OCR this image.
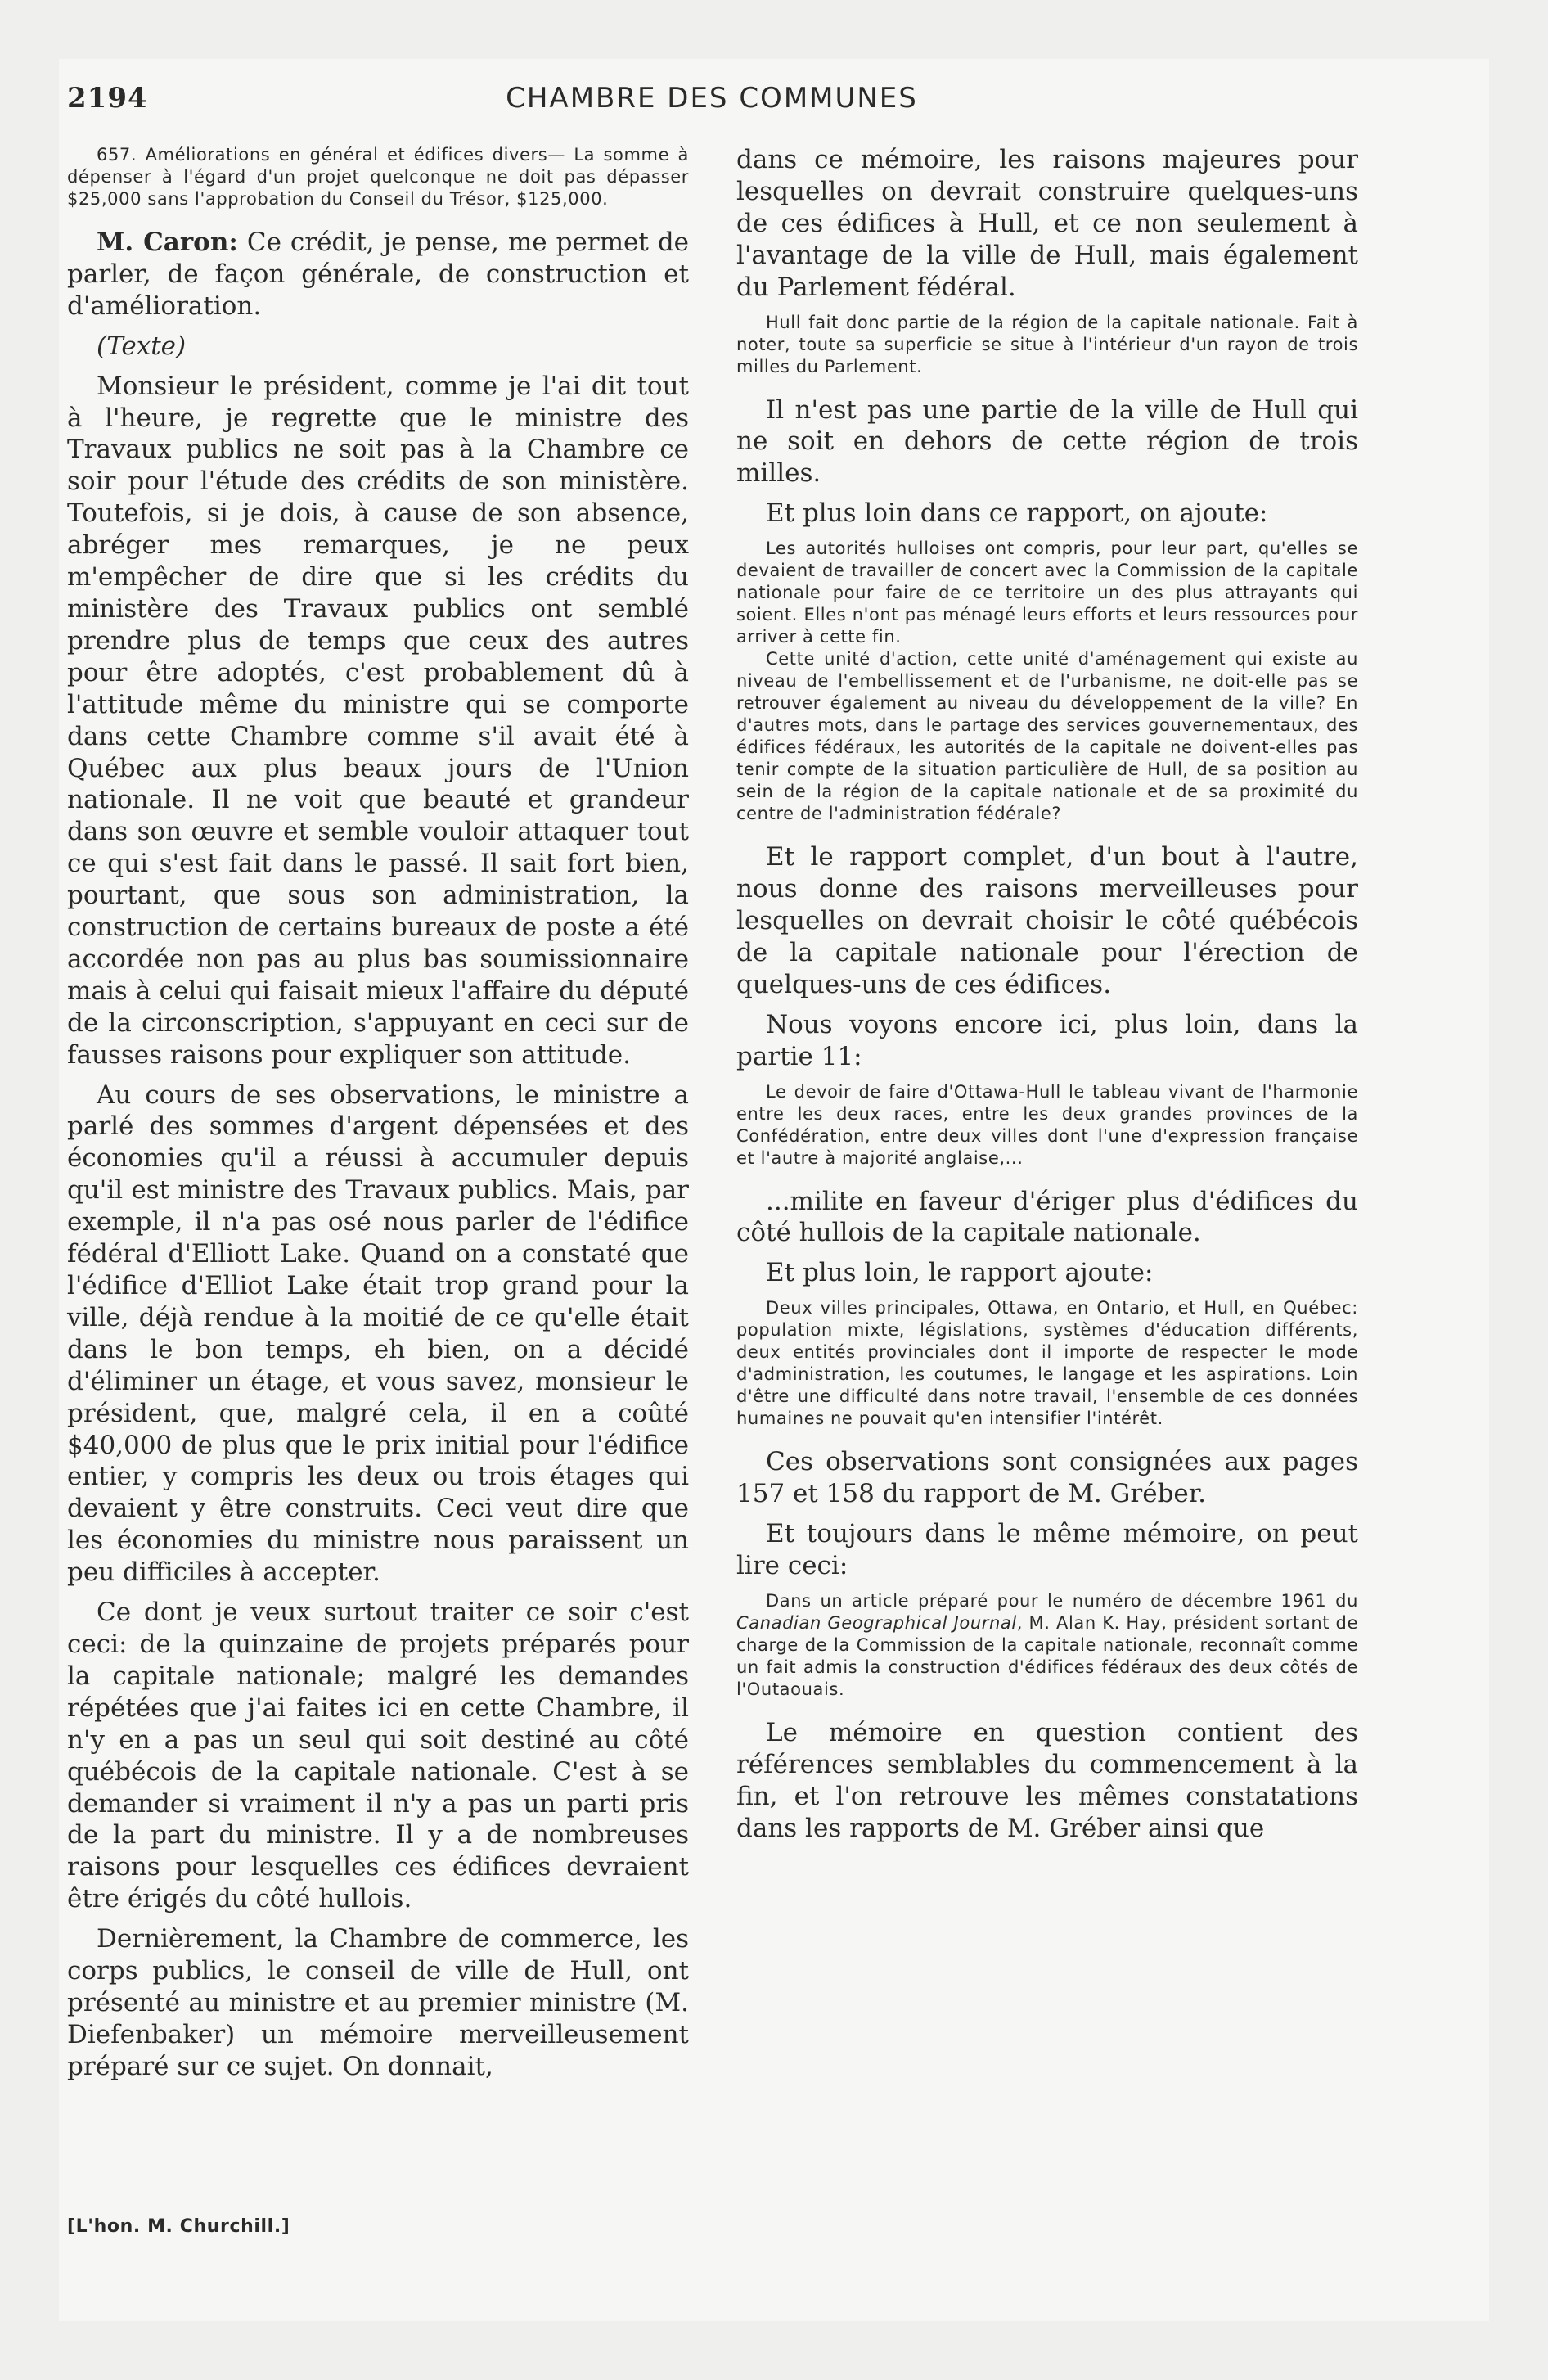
2194	CHAMBRE DES COMMUNES

657. Améliorations en général et édifices divers— La somme à dépenser à l'égard d'un projet quelconque ne doit pas dépasser $25,000 sans l'approbation du Conseil du Trésor, $125,000.

M. Caron: Ce crédit, je pense, me permet de parler, de façon générale, de construction et d'amélioration.

(Texte)

Monsieur le président, comme je l'ai dit tout à l'heure, je regrette que le ministre des Travaux publics ne soit pas à la Chambre ce soir pour l'étude des crédits de son ministère. Toutefois, si je dois, à cause de son absence, abréger mes remarques, je ne peux m'empêcher de dire que si les crédits du ministère des Travaux publics ont semblé prendre plus de temps que ceux des autres pour être adoptés, c'est probablement dû à l'attitude même du ministre qui se comporte dans cette Chambre comme s'il avait été à Québec aux plus beaux jours de l'Union nationale. Il ne voit que beauté et grandeur dans son œuvre et semble vouloir attaquer tout ce qui s'est fait dans le passé. Il sait fort bien, pourtant, que sous son administration, la construction de certains bureaux de poste a été accordée non pas au plus bas soumissionnaire mais à celui qui faisait mieux l'affaire du député de la circonscription, s'appuyant en ceci sur de fausses raisons pour expliquer son attitude.

Au cours de ses observations, le ministre a parlé des sommes d'argent dépensées et des économies qu'il a réussi à accumuler depuis qu'il est ministre des Travaux publics. Mais, par exemple, il n'a pas osé nous parler de l'édifice fédéral d'Elliott Lake. Quand on a constaté que l'édifice d'Elliot Lake était trop grand pour la ville, déjà rendue à la moitié de ce qu'elle était dans le bon temps, eh bien, on a décidé d'éliminer un étage, et vous savez, monsieur le président, que, malgré cela, il en a coûté $40,000 de plus que le prix initial pour l'édifice entier, y compris les deux ou trois étages qui devaient y être construits. Ceci veut dire que les économies du ministre nous paraissent un peu difficiles à accepter.

Ce dont je veux surtout traiter ce soir c'est ceci: de la quinzaine de projets préparés pour la capitale nationale; malgré les demandes répétées que j'ai faites ici en cette Chambre, il n'y en a pas un seul qui soit destiné au côté québécois de la capitale nationale. C'est à se demander si vraiment il n'y a pas un parti pris de la part du ministre. Il y a de nombreuses raisons pour lesquelles ces édifices devraient être érigés du côté hullois.

Dernièrement, la Chambre de commerce, les corps publics, le conseil de ville de Hull, ont présenté au ministre et au premier ministre (M. Diefenbaker) un mémoire merveilleusement préparé sur ce sujet. On donnait,

[L'hon. M. Churchill.]

dans ce mémoire, les raisons majeures pour lesquelles on devrait construire quelques-uns de ces édifices à Hull, et ce non seulement à l'avantage de la ville de Hull, mais également du Parlement fédéral.

Hull fait donc partie de la région de la capitale nationale. Fait à noter, toute sa superficie se situe à l'intérieur d'un rayon de trois milles du Parlement.

Il n'est pas une partie de la ville de Hull qui ne soit en dehors de cette région de trois milles.

Et plus loin dans ce rapport, on ajoute:

Les autorités hulloises ont compris, pour leur part, qu'elles se devaient de travailler de concert avec la Commission de la capitale nationale pour faire de ce territoire un des plus attrayants qui soient. Elles n'ont pas ménagé leurs efforts et leurs ressources pour arriver à cette fin.

Cette unité d'action, cette unité d'aménagement qui existe au niveau de l'embellissement et de l'urbanisme, ne doit-elle pas se retrouver également au niveau du développement de la ville? En d'autres mots, dans le partage des services gouvernementaux, des édifices fédéraux, les autorités de la capitale ne doivent-elles pas tenir compte de la situation particulière de Hull, de sa position au sein de la région de la capitale nationale et de sa proximité du centre de l'administration fédérale?

Et le rapport complet, d'un bout à l'autre, nous donne des raisons merveilleuses pour lesquelles on devrait choisir le côté québécois de la capitale nationale pour l'érection de quelques-uns de ces édifices.

Nous voyons encore ici, plus loin, dans la partie 11:

Le devoir de faire d'Ottawa-Hull le tableau vivant de l'harmonie entre les deux races, entre les deux grandes provinces de la Confédération, entre deux villes dont l'une d'expression française et l'autre à majorité anglaise,...

...milite en faveur d'ériger plus d'édifices du côté hullois de la capitale nationale.

Et plus loin, le rapport ajoute:

Deux villes principales, Ottawa, en Ontario, et Hull, en Québec: population mixte, législations, systèmes d'éducation différents, deux entités provinciales dont il importe de respecter le mode d'administration, les coutumes, le langage et les aspirations. Loin d'être une difficulté dans notre travail, l'ensemble de ces données humaines ne pouvait qu'en intensifier l'intérêt.

Ces observations sont consignées aux pages 157 et 158 du rapport de M. Gréber.

Et toujours dans le même mémoire, on peut lire ceci:

Dans un article préparé pour le numéro de décembre 1961 du Canadian Geographical Journal, M. Alan K. Hay, président sortant de charge de la Commission de la capitale nationale, reconnaît comme un fait admis la construction d'édifices fédéraux des deux côtés de l'Outaouais.

Le mémoire en question contient des références semblables du commencement à la fin, et l'on retrouve les mêmes constatations dans les rapports de M. Gréber ainsi que
